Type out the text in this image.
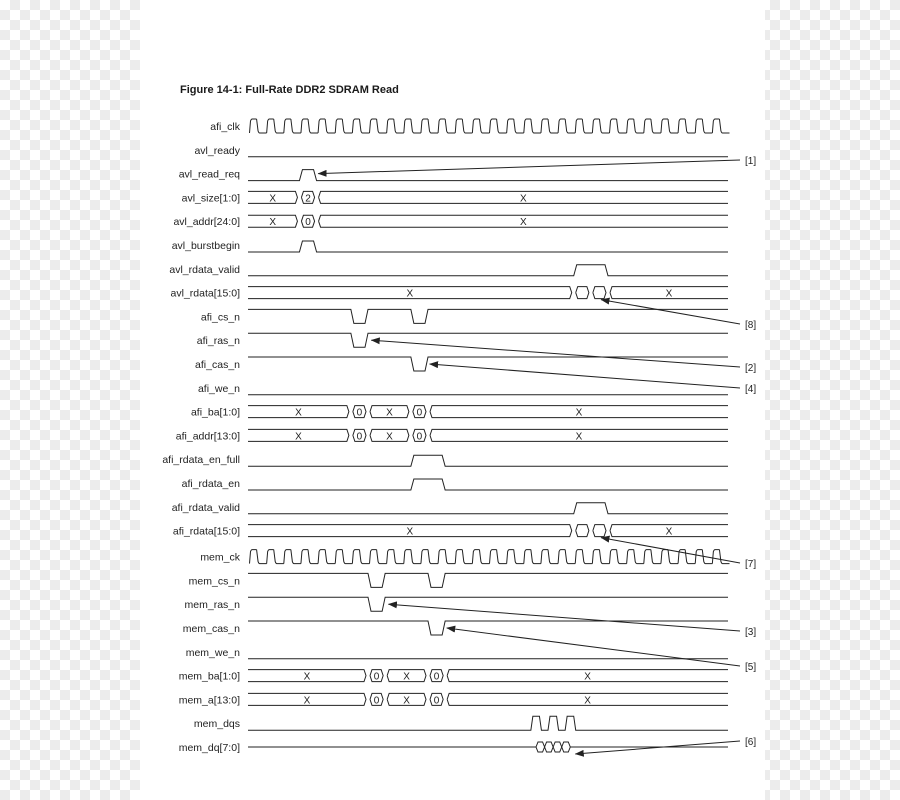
Figure 14-1: Full-Rate DDR2 SDRAM Read
afi_clk
avl_ready
avl_read_req
avl_size[1:0]	X	2	X
avl_addr[24:0]	X	0	X
avl_burstbegin
avl_rdata_valid
avl_rdata[15:0]	X	X
afi_cs_n
afi_ras_n
afi_cas_n
afi_we_n
afi_ba[1:0]	X	0 X 0	X
afi_addr[13:0]	X	0 X 0	X
afi_rdata_en_full
afi_rdata_en
afi_rdata_valid
afi_rdata[15:0]	X	X
mem_ck
mem_cs_n
mem_ras_n
mem_cas_n
mem_we_n
mem_ba[1:0]	X	0 X 0	X
mem_a[13:0]	X	0 X 0	X
mem_dqs
mem_dq[7:0]
[1]
[8]
[2]
[4]
[7]
[3]
[5]
[6]
